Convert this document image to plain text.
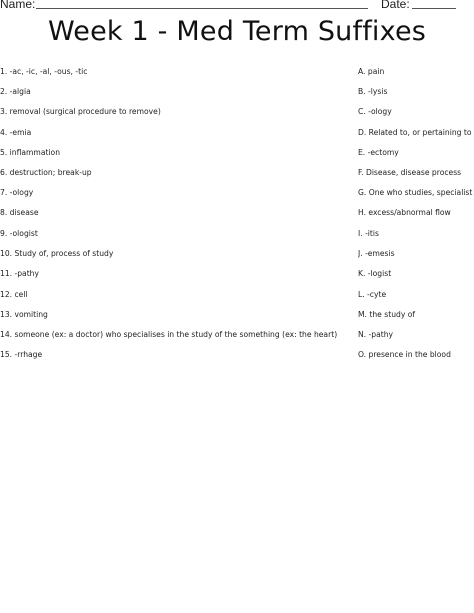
Name:	Date:
Week 1 - Med Term Suffixes
1. -ac, -ic, -al, -ous, -tic	A. pain
2. -algia	B. -lysis
3. removal (surgical procedure to remove)	C. -ology
4. -emia	D. Related to, or pertaining to
5. inflammation	E. -ectomy
6. destruction; break-up	F. Disease, disease process
7. -ology	G. One who studies, specialist
8. disease	H. excess/abnormal flow
9. -ologist	I. -itis
10. Study of, process of study	J. -emesis
11. -pathy	K. -logist
12. cell	L. -cyte
13. vomiting	M. the study of
14. someone (ex: a doctor) who specialises in the study of the something (ex: the heart)	N. -pathy
15. -rrhage	O. presence in the blood
